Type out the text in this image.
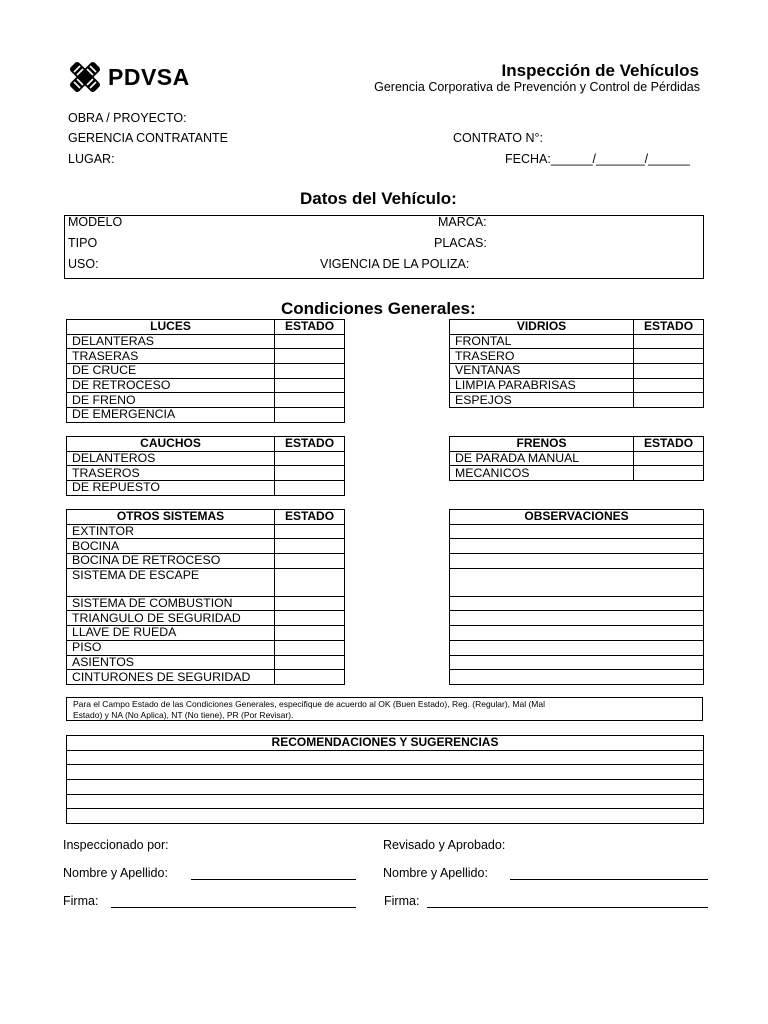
PDVSA	Inspección de Vehículos
Gerencia Corporativa de Prevención y Control de Pérdidas
OBRA / PROYECTO:
GERENCIA CONTRATANTE	CONTRATO N°:
LUGAR:	FECHA:______/_______/______
Datos del Vehículo:
MODELO	MARCA:
TIPO	PLACAS:
USO:	VIGENCIA DE LA POLIZA:
Condiciones Generales:
LUCES	ESTADO
DELANTERAS	
TRASERAS	
DE CRUCE	
DE RETROCESO	
DE FRENO	
DE EMERGENCIA	
VIDRIOS	ESTADO
FRONTAL	
TRASERO	
VENTANAS	
LIMPIA PARABRISAS	
ESPEJOS	
CAUCHOS	ESTADO
DELANTEROS	
TRASEROS	
DE REPUESTO	
FRENOS	ESTADO
DE PARADA MANUAL	
MECANICOS	
OTROS SISTEMAS	ESTADO
EXTINTOR	
BOCINA	
BOCINA DE RETROCESO	
SISTEMA DE ESCAPE	
SISTEMA DE COMBUSTION	
TRIANGULO DE SEGURIDAD	
LLAVE DE RUEDA	
PISO	
ASIENTOS	
CINTURONES DE SEGURIDAD	
OBSERVACIONES

Para el Campo Estado de las Condiciones Generales, especifique de acuerdo al OK (Buen Estado), Reg. (Regular), Mal (Mal
Estado) y NA (No Aplica), NT (No tiene), PR (Por Revisar).
RECOMENDACIONES Y SUGERENCIAS

Inspeccionado por:	Revisado y Aprobado:
Nombre y Apellido:	Nombre y Apellido:
Firma:	Firma:
